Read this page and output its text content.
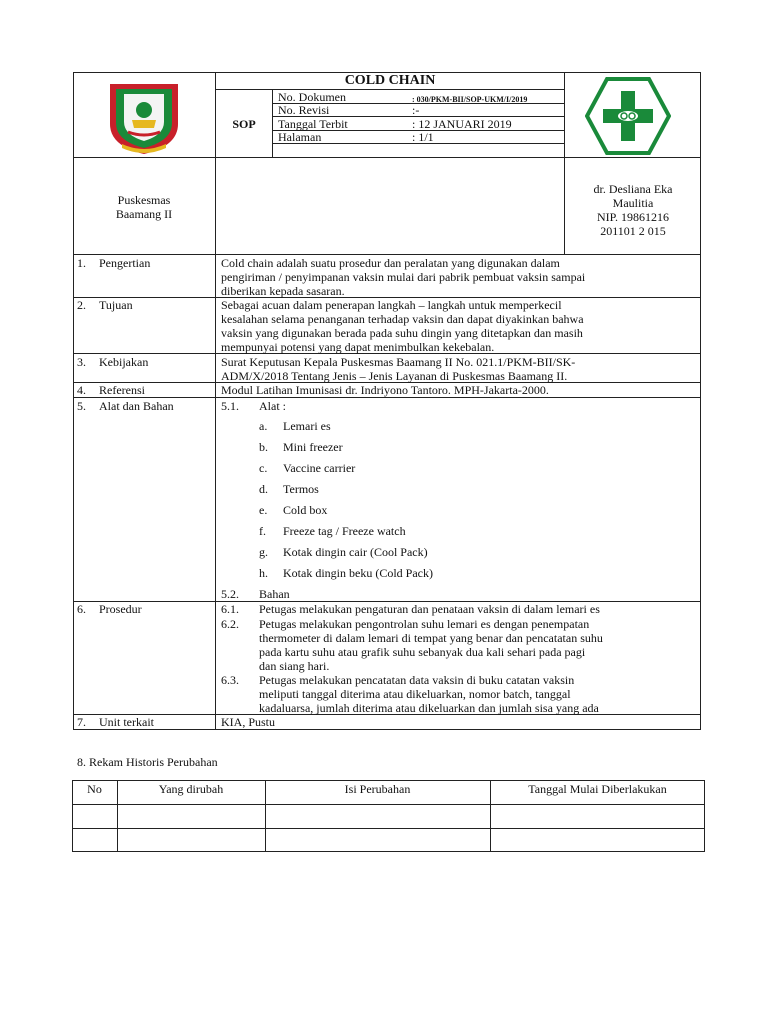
COLD CHAIN
SOP
No. Dokumen	: 030/PKM-BII/SOP-UKM/I/2019
No. Revisi	:-
Tanggal Terbit	: 12 JANUARI 2019
Halaman	: 1/1
Puskesmas
Baamang II
dr. Desliana Eka
Maulitia
NIP. 19861216
201101 2 015
1. Pengertian	Cold chain adalah suatu prosedur dan peralatan yang digunakan dalam
pengiriman / penyimpanan vaksin mulai dari pabrik pembuat vaksin sampai
diberikan kepada sasaran.
2. Tujuan	Sebagai acuan dalam penerapan langkah – langkah untuk memperkecil
kesalahan selama penanganan terhadap vaksin dan dapat diyakinkan bahwa
vaksin yang digunakan berada pada suhu dingin yang ditetapkan dan masih
mempunyai potensi yang dapat menimbulkan kekebalan.
3. Kebijakan	Surat Keputusan Kepala Puskesmas Baamang II No. 021.1/PKM-BII/SK-
ADM/X/2018 Tentang Jenis – Jenis Layanan di Puskesmas Baamang II.
4. Referensi	Modul Latihan Imunisasi dr. Indriyono Tantoro. MPH-Jakarta-2000.
5. Alat dan Bahan	5.1. Alat :
a. Lemari es
b. Mini freezer
c. Vaccine carrier
d. Termos
e. Cold box
f. Freeze tag / Freeze watch
g. Kotak dingin cair (Cool Pack)
h. Kotak dingin beku (Cold Pack)
5.2. Bahan
6. Prosedur	6.1. Petugas melakukan pengaturan dan penataan vaksin di dalam lemari es
6.2. Petugas melakukan pengontrolan suhu lemari es dengan penempatan
thermometer di dalam lemari di tempat yang benar dan pencatatan suhu
pada kartu suhu atau grafik suhu sebanyak dua kali sehari pada pagi
dan siang hari.
6.3. Petugas melakukan pencatatan data vaksin di buku catatan vaksin
meliputi tanggal diterima atau dikeluarkan, nomor batch, tanggal
kadaluarsa, jumlah diterima atau dikeluarkan dan jumlah sisa yang ada
7. Unit terkait	KIA, Pustu
8. Rekam Historis Perubahan
No	Yang dirubah	Isi Perubahan	Tanggal Mulai Diberlakukan
